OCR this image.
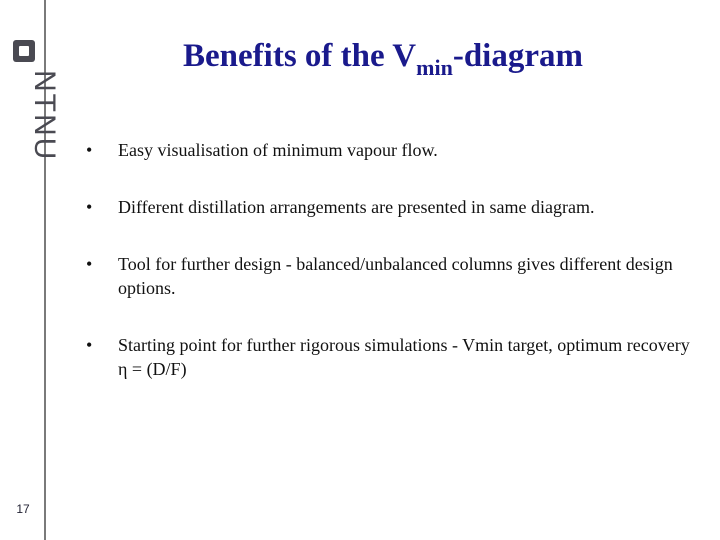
NTNU
17
Benefits of the $V_{min}$-diagram
• Easy visualisation of minimum vapour flow.
• Different distillation arrangements are presented in same diagram.
• Tool for further design - balanced/unbalanced columns gives different design options.
• Starting point for further rigorous simulations - Vmin target, optimum recovery η = (D/F)
